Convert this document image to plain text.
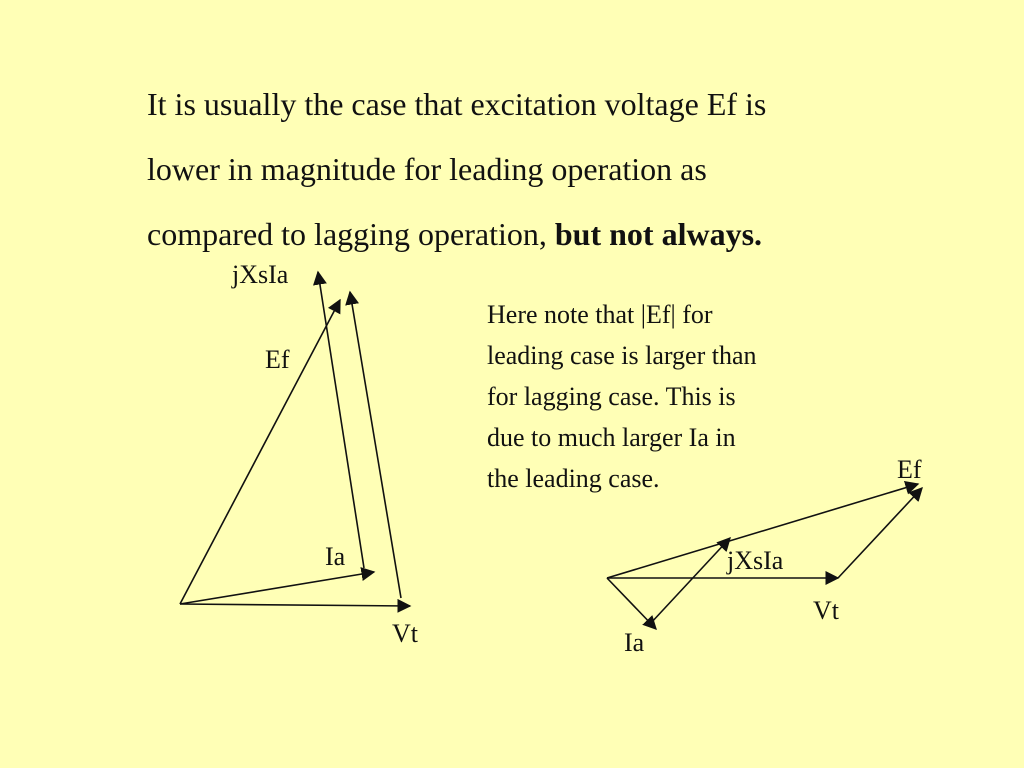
It is usually the case that excitation voltage Ef is
lower in magnitude for leading operation as
compared to lagging operation, but not always.
Here note that |Ef| for
leading case is larger than
for lagging case. This is
due to much larger Ia in
the leading case.
jXsIa
Ef
Ia
Vt
Ef
jXsIa
Vt
Ia
